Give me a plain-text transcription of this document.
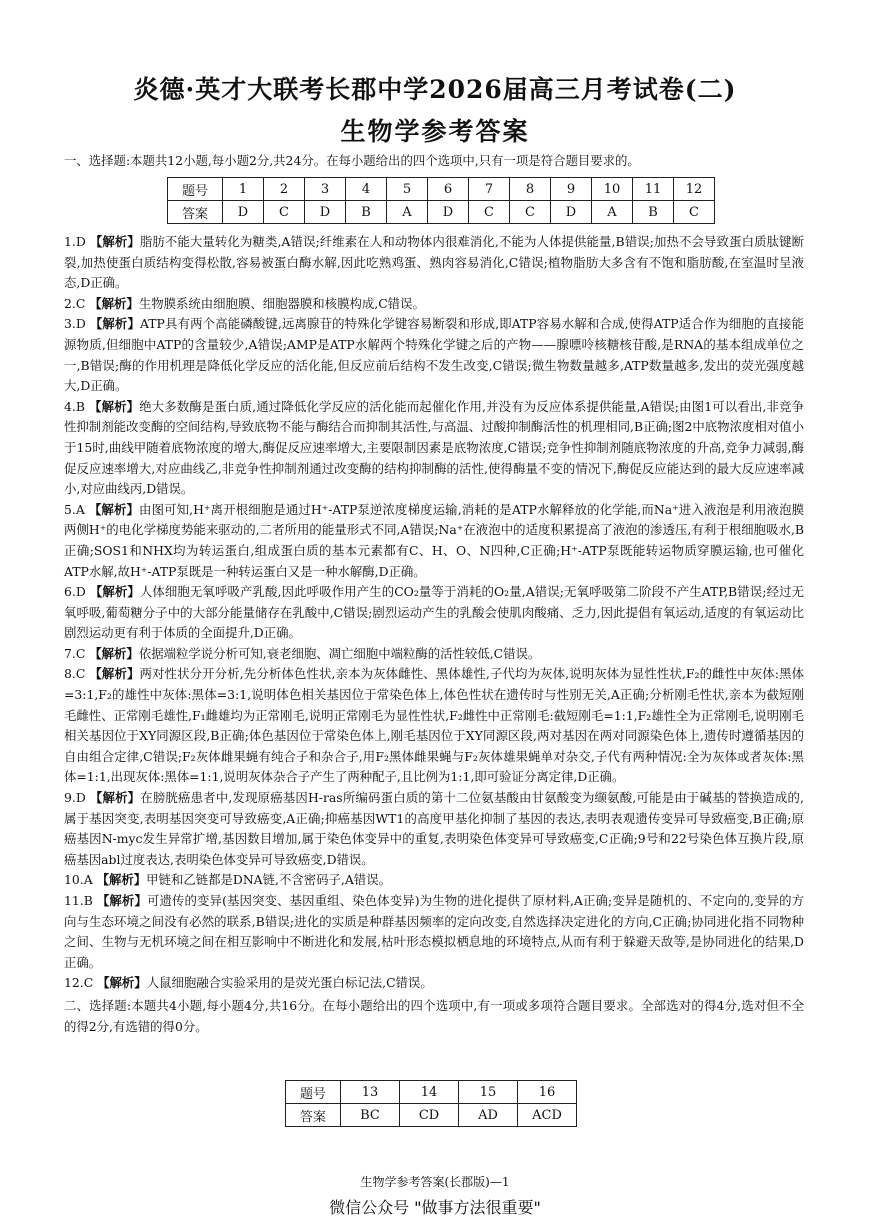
炎德·英才大联考长郡中学2026届高三月考试卷(二)
生物学参考答案
一、选择题:本题共12小题,每小题2分,共24分。在每小题给出的四个选项中,只有一项是符合题目要求的。
题号	1	2	3	4	5	6	7	8	9	10	11	12
答案	D	C	D	B	A	D	C	C	D	A	B	C

1.D 【解析】脂肪不能大量转化为糖类,A错误;纤维素在人和动物体内很难消化,不能为人体提供能量,B错误;加热不会导致蛋白质肽键断裂,加热使蛋白质结构变得松散,容易被蛋白酶水解,因此吃熟鸡蛋、熟肉容易消化,C错误;植物脂肪大多含有不饱和脂肪酸,在室温时呈液态,D正确。

2.C 【解析】生物膜系统由细胞膜、细胞器膜和核膜构成,C错误。

3.D 【解析】ATP具有两个高能磷酸键,远离腺苷的特殊化学键容易断裂和形成,即ATP容易水解和合成,使得ATP适合作为细胞的直接能源物质,但细胞中ATP的含量较少,A错误;AMP是ATP水解两个特殊化学键之后的产物——腺嘌呤核糖核苷酸,是RNA的基本组成单位之一,B错误;酶的作用机理是降低化学反应的活化能,但反应前后结构不发生改变,C错误;微生物数量越多,ATP数量越多,发出的荧光强度越大,D正确。

4.B 【解析】绝大多数酶是蛋白质,通过降低化学反应的活化能而起催化作用,并没有为反应体系提供能量,A错误;由图1可以看出,非竞争性抑制剂能改变酶的空间结构,导致底物不能与酶结合而抑制其活性,与高温、过酸抑制酶活性的机理相同,B正确;图2中底物浓度相对值小于15时,曲线甲随着底物浓度的增大,酶促反应速率增大,主要限制因素是底物浓度,C错误;竞争性抑制剂随底物浓度的升高,竞争力减弱,酶促反应速率增大,对应曲线乙,非竞争性抑制剂通过改变酶的结构抑制酶的活性,使得酶量不变的情况下,酶促反应能达到的最大反应速率减小,对应曲线丙,D错误。

5.A 【解析】由图可知,H⁺离开根细胞是通过H⁺-ATP泵逆浓度梯度运输,消耗的是ATP水解释放的化学能,而Na⁺进入液泡是利用液泡膜两侧H⁺的电化学梯度势能来驱动的,二者所用的能量形式不同,A错误;Na⁺在液泡中的适度积累提高了液泡的渗透压,有利于根细胞吸水,B正确;SOS1和NHX均为转运蛋白,组成蛋白质的基本元素都有C、H、O、N四种,C正确;H⁺-ATP泵既能转运物质穿膜运输,也可催化ATP水解,故H⁺-ATP泵既是一种转运蛋白又是一种水解酶,D正确。

6.D 【解析】人体细胞无氧呼吸产乳酸,因此呼吸作用产生的CO₂量等于消耗的O₂量,A错误;无氧呼吸第二阶段不产生ATP,B错误;经过无氧呼吸,葡萄糖分子中的大部分能量储存在乳酸中,C错误;剧烈运动产生的乳酸会使肌肉酸痛、乏力,因此提倡有氧运动,适度的有氧运动比剧烈运动更有利于体质的全面提升,D正确。

7.C 【解析】依据端粒学说分析可知,衰老细胞、凋亡细胞中端粒酶的活性较低,C错误。

8.C 【解析】两对性状分开分析,先分析体色性状,亲本为灰体雌性、黑体雄性,子代均为灰体,说明灰体为显性性状,F₂的雌性中灰体:黑体=3:1,F₂的雄性中灰体:黑体=3:1,说明体色相关基因位于常染色体上,体色性状在遗传时与性别无关,A正确;分析刚毛性状,亲本为截短刚毛雌性、正常刚毛雄性,F₁雌雄均为正常刚毛,说明正常刚毛为显性性状,F₂雌性中正常刚毛:截短刚毛=1:1,F₂雄性全为正常刚毛,说明刚毛相关基因位于XY同源区段,B正确;体色基因位于常染色体上,刚毛基因位于XY同源区段,两对基因在两对同源染色体上,遗传时遵循基因的自由组合定律,C错误;F₂灰体雌果蝇有纯合子和杂合子,用F₂黑体雌果蝇与F₂灰体雄果蝇单对杂交,子代有两种情况:全为灰体或者灰体:黑体=1:1,出现灰体:黑体=1:1,说明灰体杂合子产生了两种配子,且比例为1:1,即可验证分离定律,D正确。

9.D 【解析】在膀胱癌患者中,发现原癌基因H-ras所编码蛋白质的第十二位氨基酸由甘氨酸变为缬氨酸,可能是由于碱基的替换造成的,属于基因突变,表明基因突变可导致癌变,A正确;抑癌基因WT1的高度甲基化抑制了基因的表达,表明表观遗传变异可导致癌变,B正确;原癌基因N-myc发生异常扩增,基因数目增加,属于染色体变异中的重复,表明染色体变异可导致癌变,C正确;9号和22号染色体互换片段,原癌基因abl过度表达,表明染色体变异可导致癌变,D错误。

10.A 【解析】甲链和乙链都是DNA链,不含密码子,A错误。

11.B 【解析】可遗传的变异(基因突变、基因重组、染色体变异)为生物的进化提供了原材料,A正确;变异是随机的、不定向的,变异的方向与生态环境之间没有必然的联系,B错误;进化的实质是种群基因频率的定向改变,自然选择决定进化的方向,C正确;协同进化指不同物种之间、生物与无机环境之间在相互影响中不断进化和发展,枯叶形态模拟栖息地的环境特点,从而有利于躲避天敌等,是协同进化的结果,D正确。

12.C 【解析】人鼠细胞融合实验采用的是荧光蛋白标记法,C错误。

二、选择题:本题共4小题,每小题4分,共16分。在每小题给出的四个选项中,有一项或多项符合题目要求。全部选对的得4分,选对但不全的得2分,有选错的得0分。

题号	13	14	15	16
答案	BC	CD	AD	ACD
生物学参考答案(长郡版)—1
微信公众号 "做事方法很重要"
